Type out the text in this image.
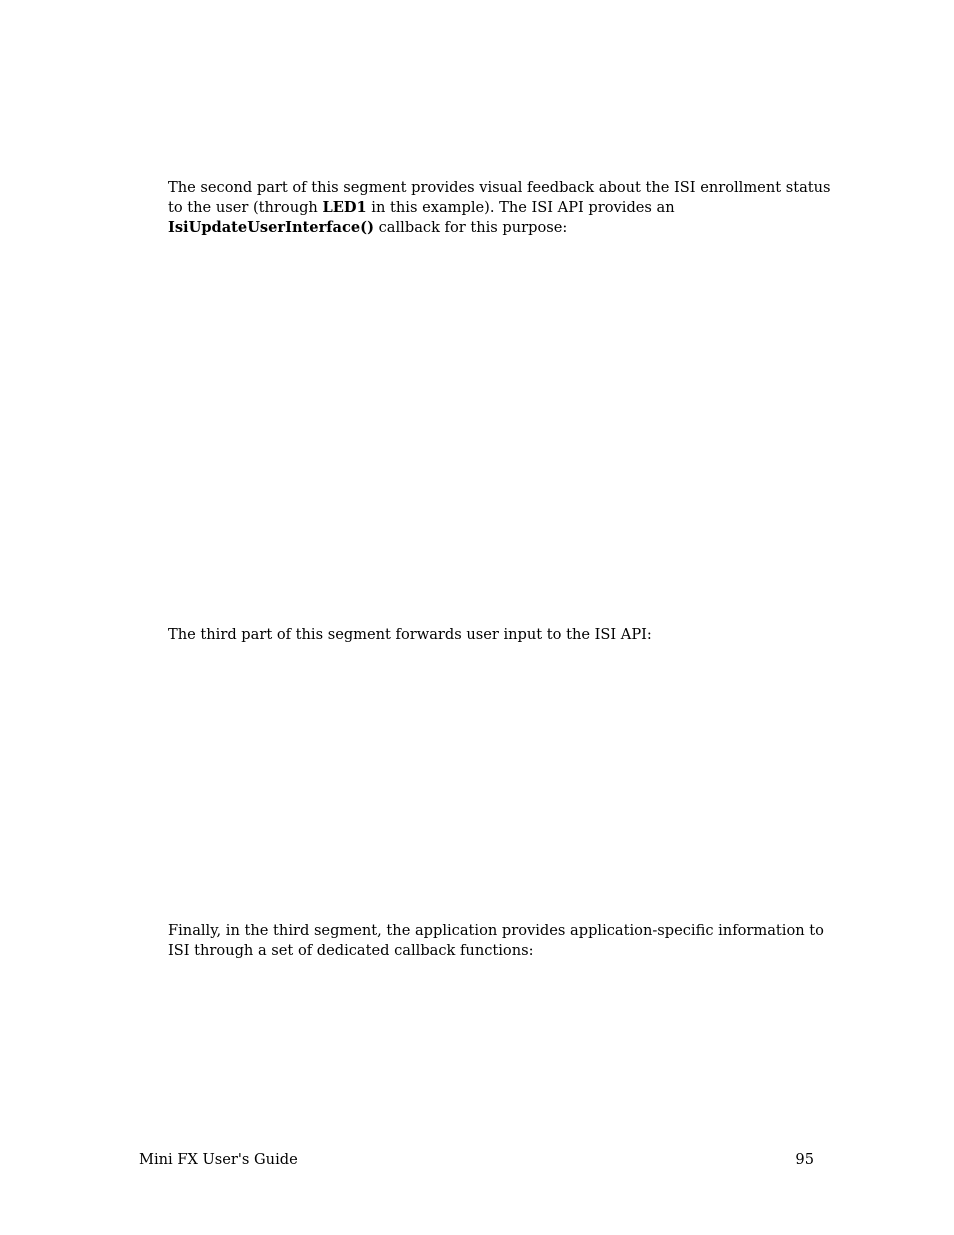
The second part of this segment provides visual feedback about the ISI enrollment status
to the user (through LED1 in this example). The ISI API provides an
IsiUpdateUserInterface() callback for this purpose:
The third part of this segment forwards user input to the ISI API:
Finally, in the third segment, the application provides application-specific information to
ISI through a set of dedicated callback functions:
Mini FX User's Guide	95
